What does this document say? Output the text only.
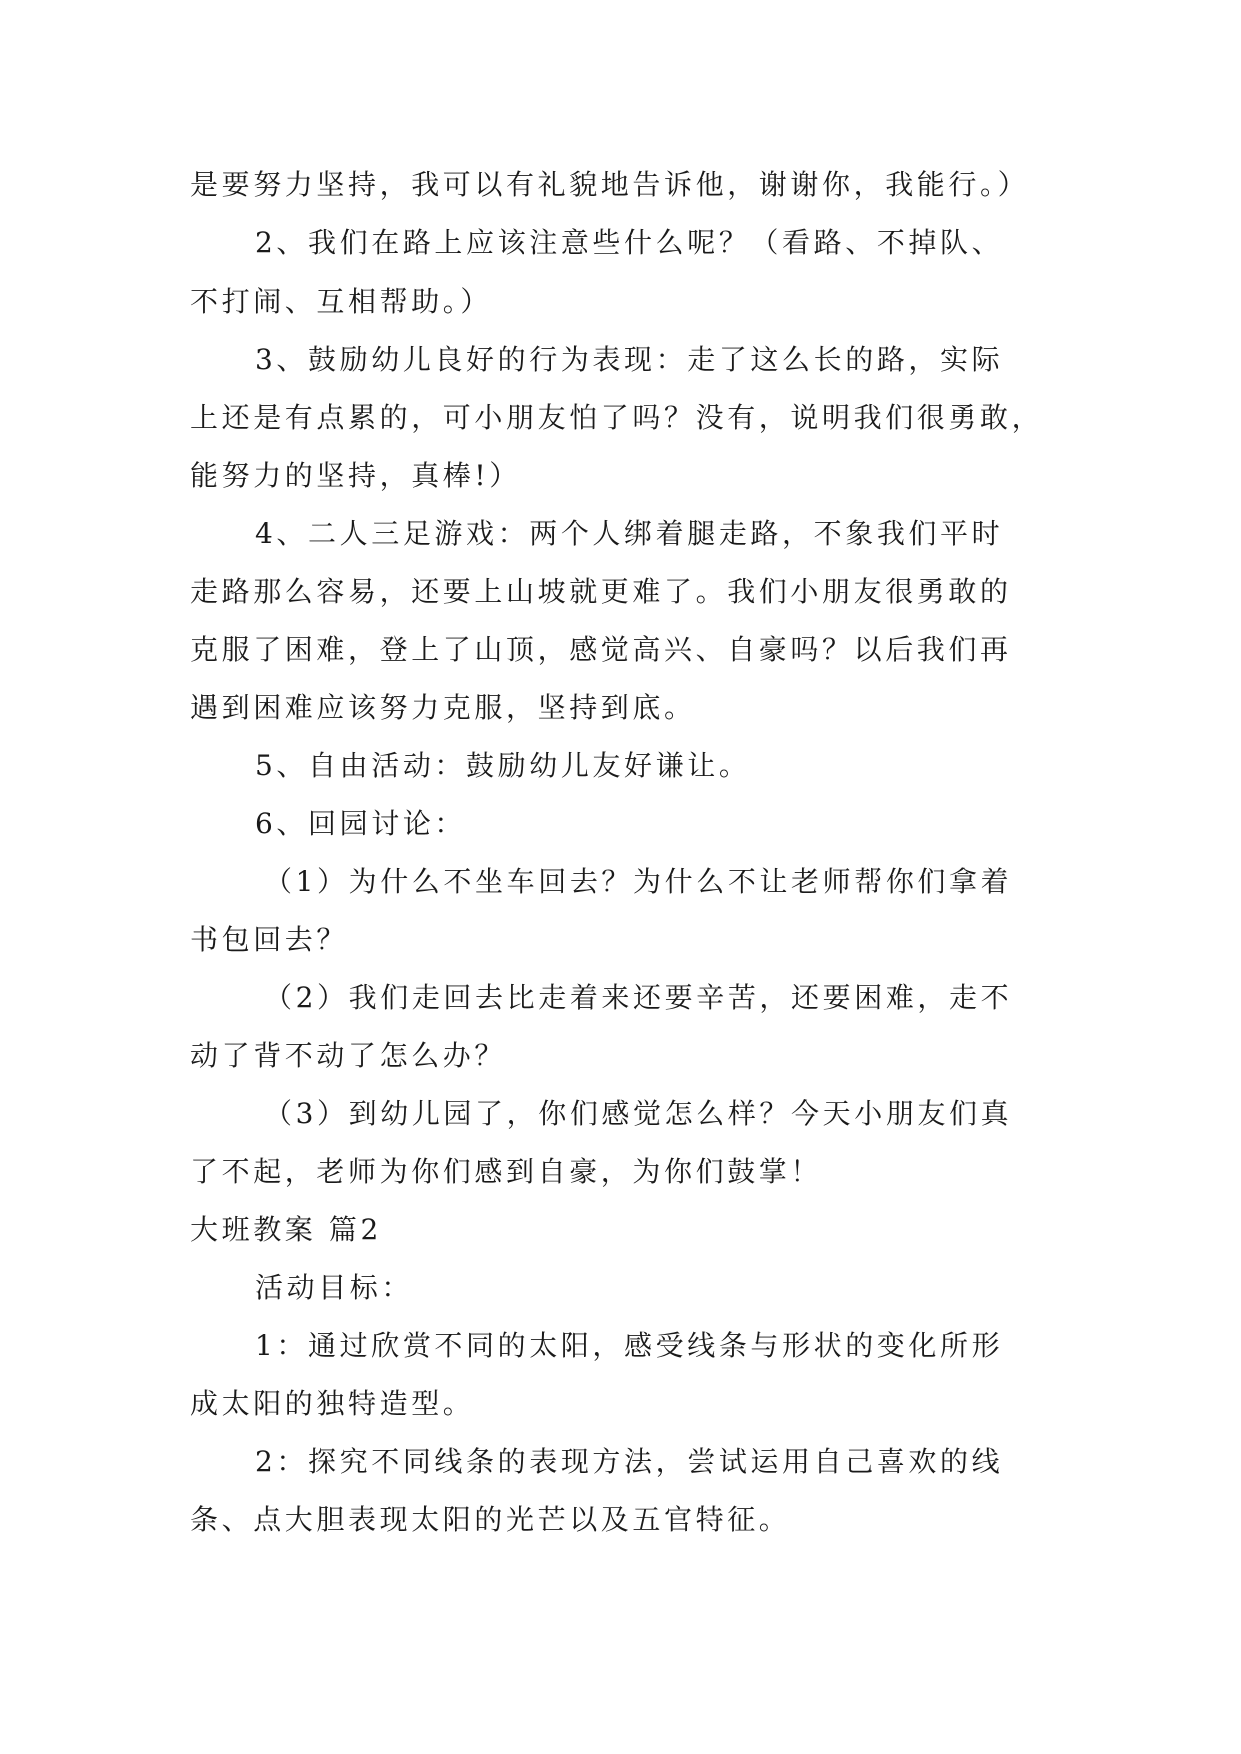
是要努力坚持，我可以有礼貌地告诉他，谢谢你，我能行。）
2、我们在路上应该注意些什么呢？（看路、不掉队、
不打闹、互相帮助。）
3、鼓励幼儿良好的行为表现：走了这么长的路，实际
上还是有点累的，可小朋友怕了吗？没有，说明我们很勇敢，
能努力的坚持，真棒!）
4、二人三足游戏：两个人绑着腿走路，不象我们平时
走路那么容易，还要上山坡就更难了。我们小朋友很勇敢的
克服了困难，登上了山顶，感觉高兴、自豪吗？以后我们再
遇到困难应该努力克服，坚持到底。
5、自由活动：鼓励幼儿友好谦让。
6、回园讨论：
（1）为什么不坐车回去？为什么不让老师帮你们拿着
书包回去？
（2）我们走回去比走着来还要辛苦，还要困难，走不
动了背不动了怎么办？
（3）到幼儿园了，你们感觉怎么样？今天小朋友们真
了不起，老师为你们感到自豪，为你们鼓掌！
大班教案 篇2
活动目标：
1：通过欣赏不同的太阳，感受线条与形状的变化所形
成太阳的独特造型。
2：探究不同线条的表现方法，尝试运用自己喜欢的线
条、点大胆表现太阳的光芒以及五官特征。
